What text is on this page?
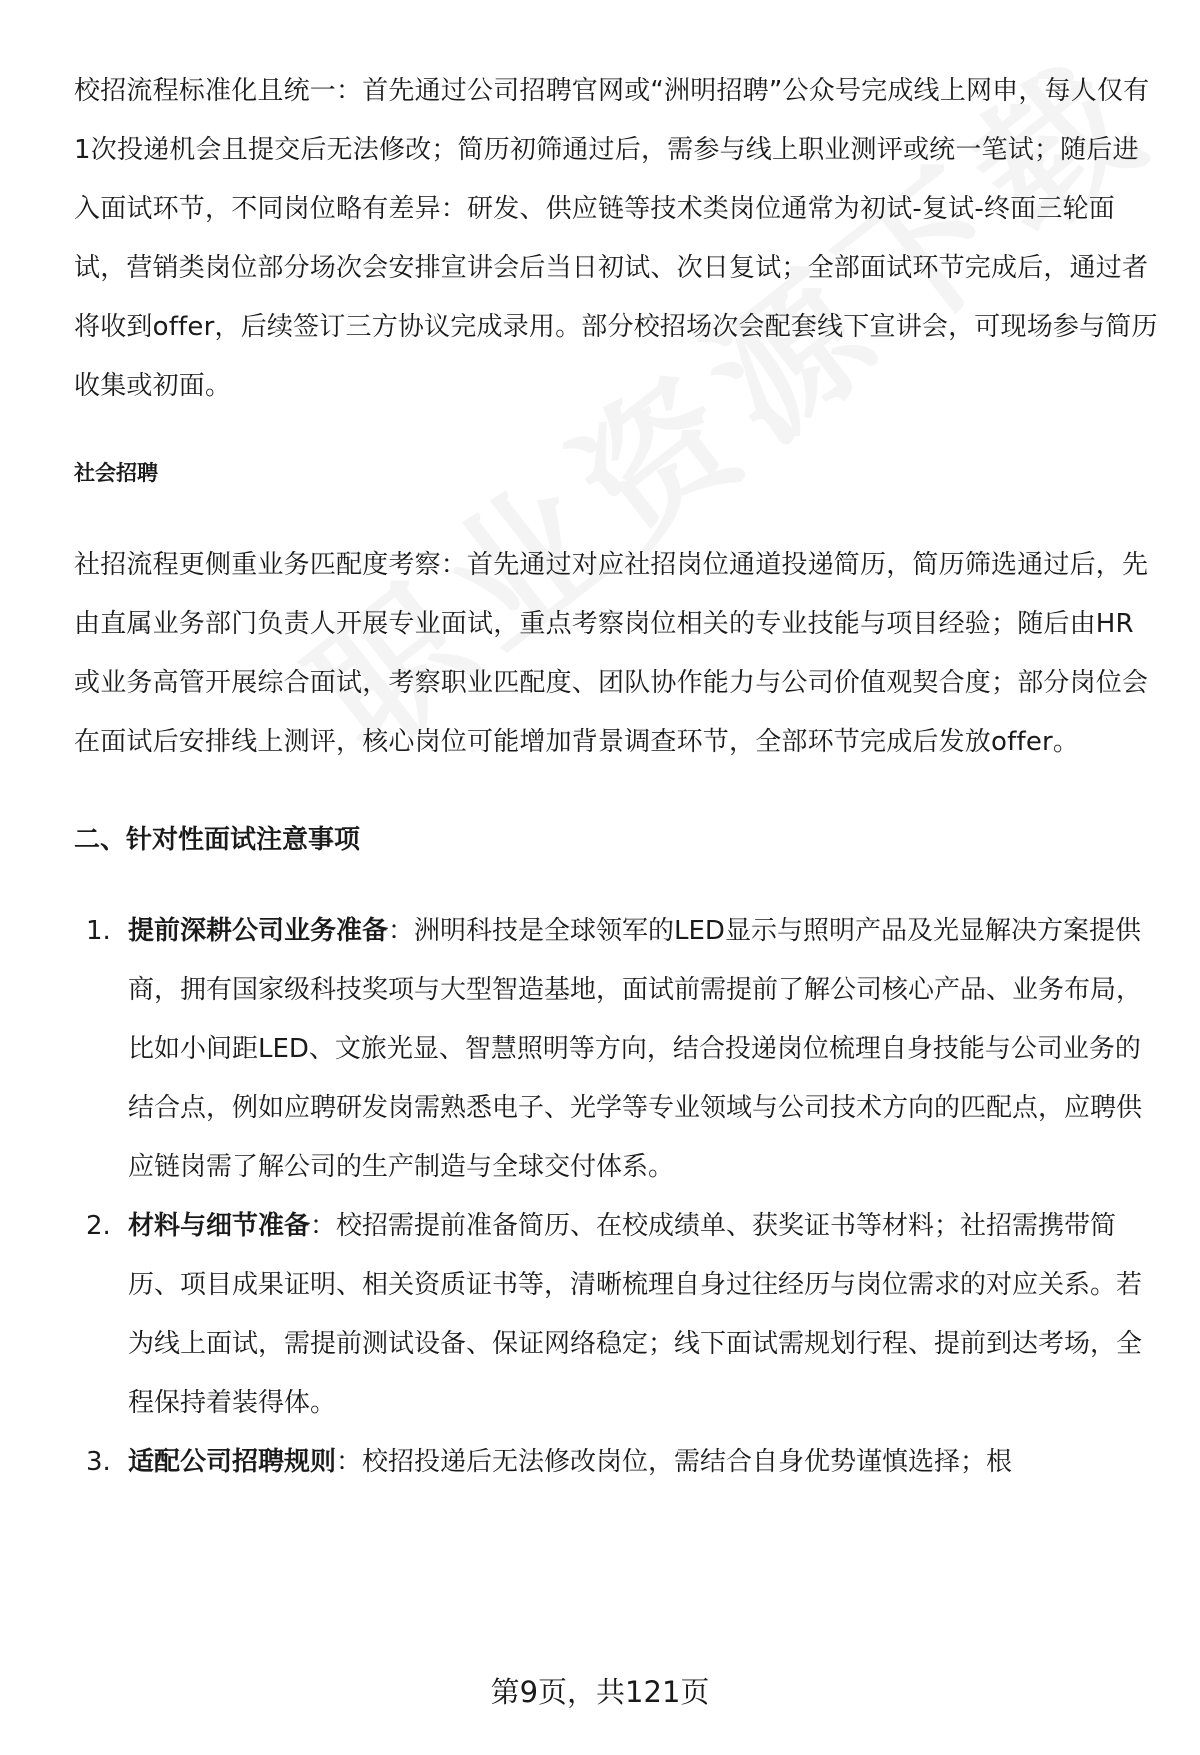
校招流程标准化且统一：首先通过公司招聘官网或“洲明招聘”公众号完成线上网申，每人仅有1次投递机会且提交后无法修改；简历初筛通过后，需参与线上职业测评或统一笔试；随后进入面试环节，不同岗位略有差异：研发、供应链等技术类岗位通常为初试-复试-终面三轮面试，营销类岗位部分场次会安排宣讲会后当日初试、次日复试；全部面试环节完成后，通过者将收到offer，后续签订三方协议完成录用。部分校招场次会配套线下宣讲会，可现场参与简历收集或初面。

社会招聘

社招流程更侧重业务匹配度考察：首先通过对应社招岗位通道投递简历，简历筛选通过后，先由直属业务部门负责人开展专业面试，重点考察岗位相关的专业技能与项目经验；随后由HR或业务高管开展综合面试，考察职业匹配度、团队协作能力与公司价值观契合度；部分岗位会在面试后安排线上测评，核心岗位可能增加背景调查环节，全部环节完成后发放offer。

二、针对性面试注意事项
1. 提前深耕公司业务准备：洲明科技是全球领军的LED显示与照明产品及光显解决方案提供商，拥有国家级科技奖项与大型智造基地，面试前需提前了解公司核心产品、业务布局，比如小间距LED、文旅光显、智慧照明等方向，结合投递岗位梳理自身技能与公司业务的结合点，例如应聘研发岗需熟悉电子、光学等专业领域与公司技术方向的匹配点，应聘供应链岗需了解公司的生产制造与全球交付体系。
2. 材料与细节准备：校招需提前准备简历、在校成绩单、获奖证书等材料；社招需携带简历、项目成果证明、相关资质证书等，清晰梳理自身过往经历与岗位需求的对应关系。若为线上面试，需提前测试设备、保证网络稳定；线下面试需规划行程、提前到达考场，全程保持着装得体。
3. 适配公司招聘规则：校招投递后无法修改岗位，需结合自身优势谨慎选择；根
第9页，共121页
